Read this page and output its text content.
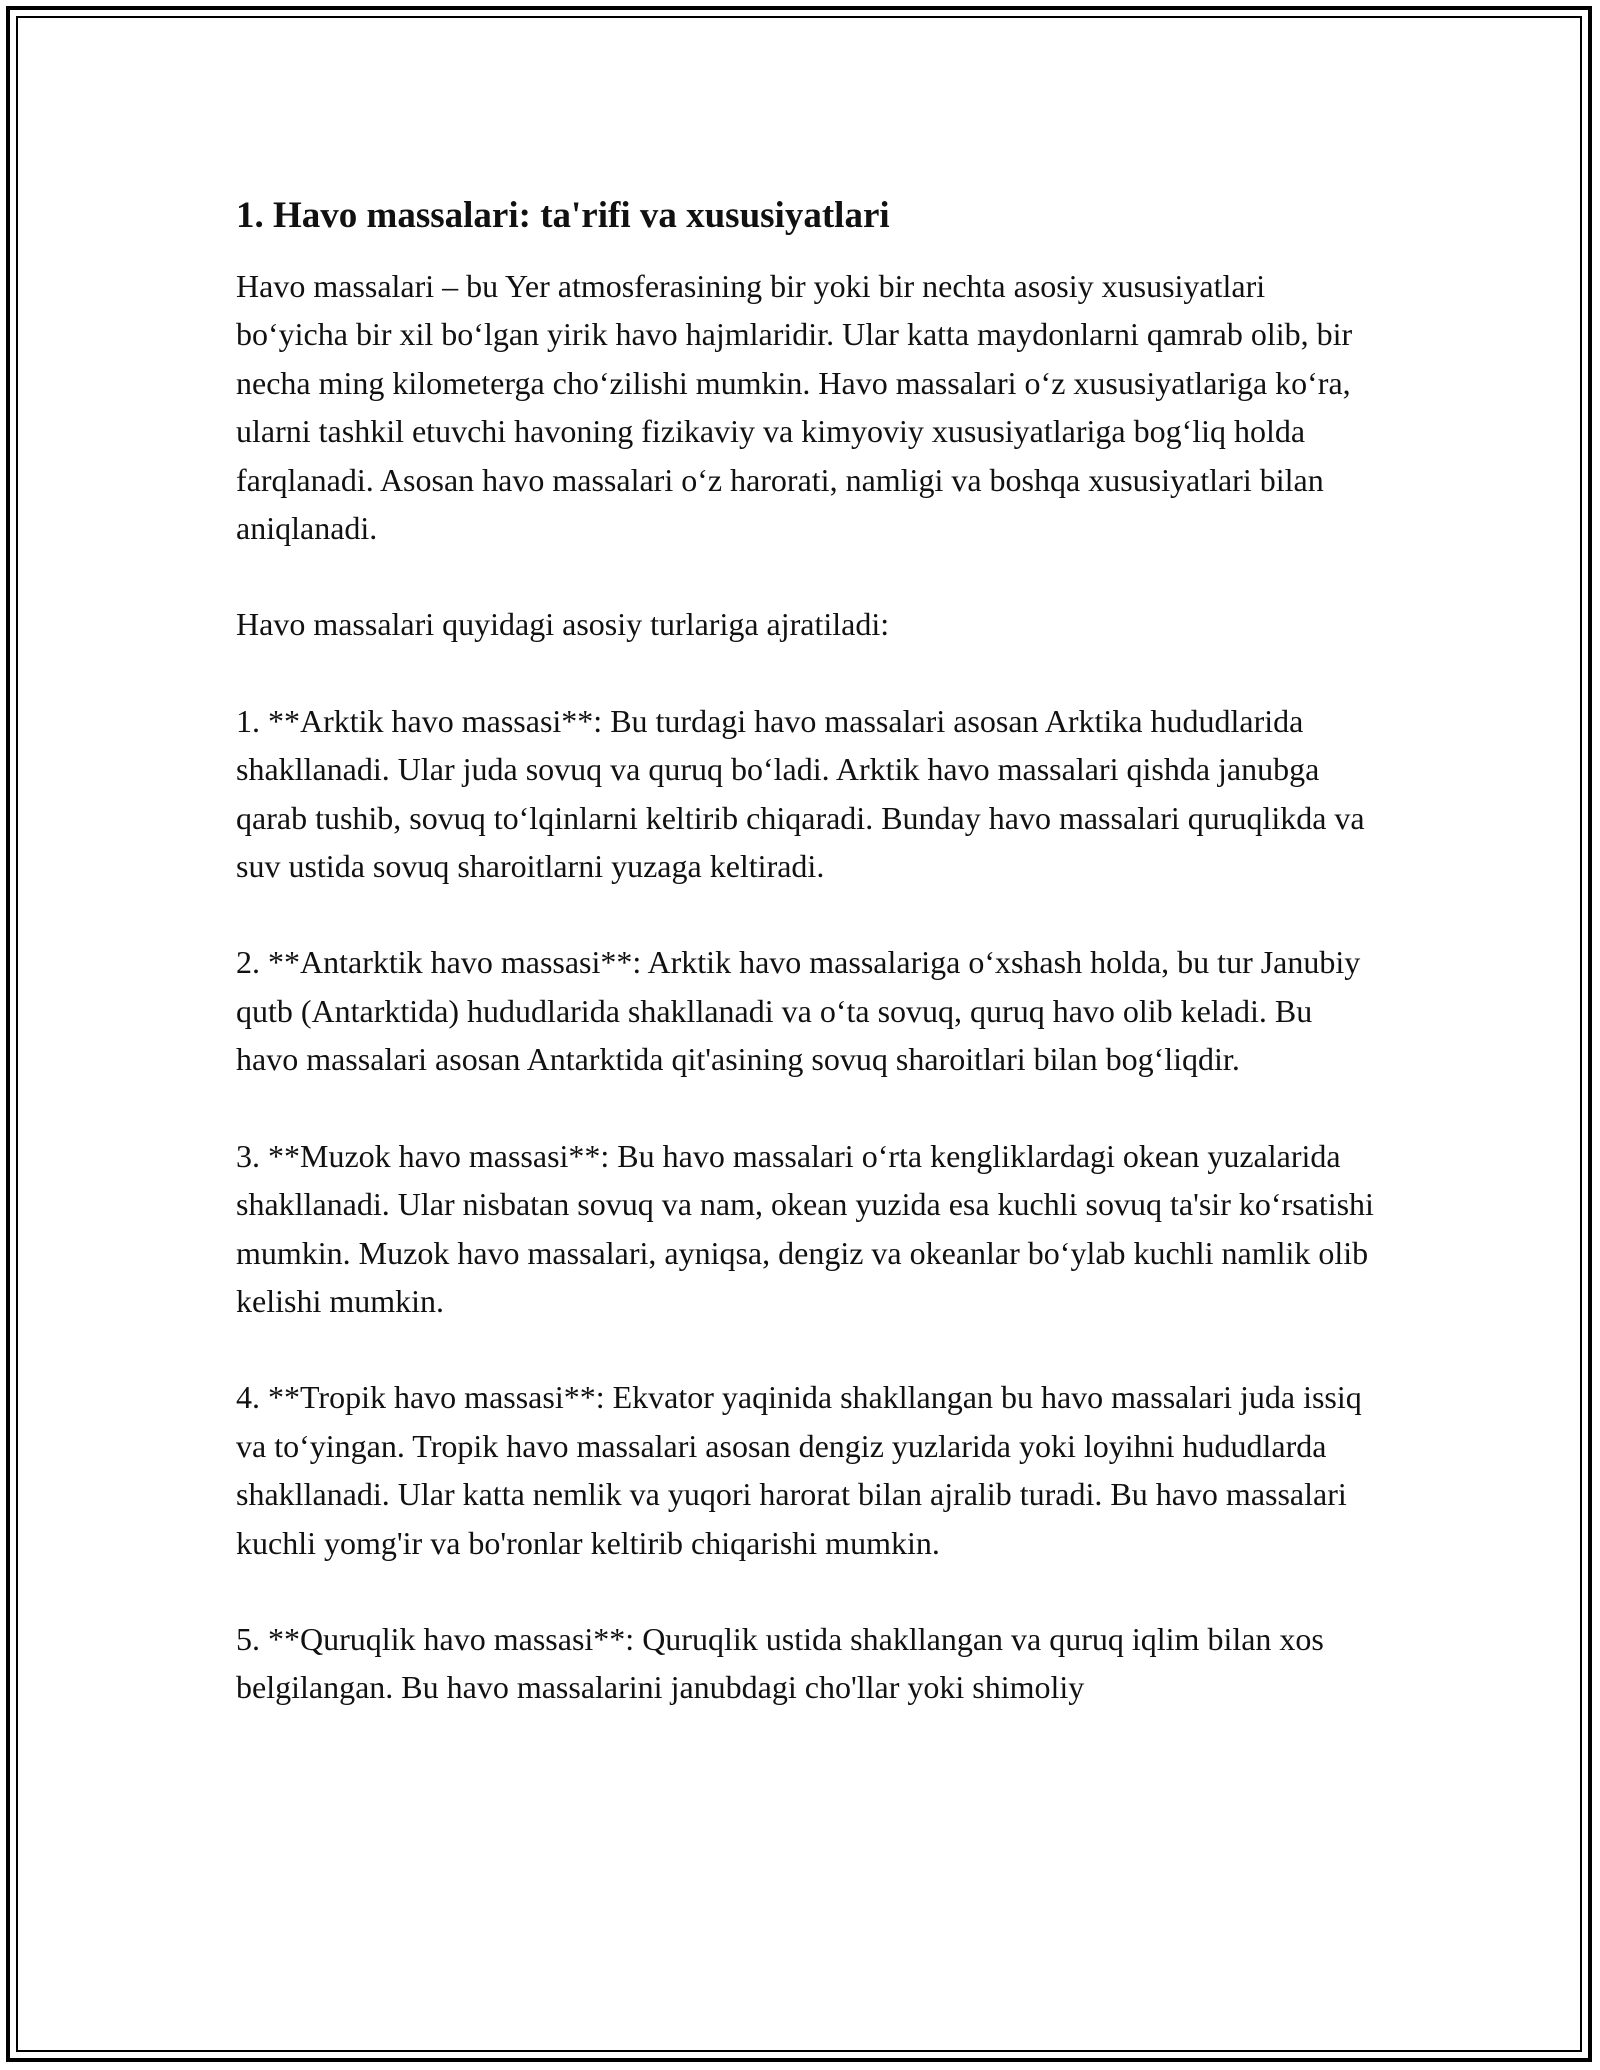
1. Havo massalari: ta'rifi va xususiyatlari

Havo massalari – bu Yer atmosferasining bir yoki bir nechta asosiy xususiyatlari bo‘yicha bir xil bo‘lgan yirik havo hajmlaridir. Ular katta maydonlarni qamrab olib, bir necha ming kilometerga cho‘zilishi mumkin. Havo massalari o‘z xususiyatlariga ko‘ra, ularni tashkil etuvchi havoning fizikaviy va kimyoviy xususiyatlariga bog‘liq holda farqlanadi. Asosan havo massalari o‘z harorati, namligi va boshqa xususiyatlari bilan aniqlanadi.

Havo massalari quyidagi asosiy turlariga ajratiladi:

1. **Arktik havo massasi**: Bu turdagi havo massalari asosan Arktika hududlarida shakllanadi. Ular juda sovuq va quruq bo‘ladi. Arktik havo massalari qishda janubga qarab tushib, sovuq to‘lqinlarni keltirib chiqaradi. Bunday havo massalari quruqlikda va suv ustida sovuq sharoitlarni yuzaga keltiradi.

2. **Antarktik havo massasi**: Arktik havo massalariga o‘xshash holda, bu tur Janubiy qutb (Antarktida) hududlarida shakllanadi va o‘ta sovuq, quruq havo olib keladi. Bu havo massalari asosan Antarktida qit'asining sovuq sharoitlari bilan bog‘liqdir.

3. **Muzok havo massasi**: Bu havo massalari o‘rta kengliklardagi okean yuzalarida shakllanadi. Ular nisbatan sovuq va nam, okean yuzida esa kuchli sovuq ta'sir ko‘rsatishi mumkin. Muzok havo massalari, ayniqsa, dengiz va okeanlar bo‘ylab kuchli namlik olib kelishi mumkin.

4. **Tropik havo massasi**: Ekvator yaqinida shakllangan bu havo massalari juda issiq va to‘yingan. Tropik havo massalari asosan dengiz yuzlarida yoki loyihni hududlarda shakllanadi. Ular katta nemlik va yuqori harorat bilan ajralib turadi. Bu havo massalari kuchli yomg'ir va bo'ronlar keltirib chiqarishi mumkin.

5. **Quruqlik havo massasi**: Quruqlik ustida shakllangan va quruq iqlim bilan xos belgilangan. Bu havo massalarini janubdagi cho'llar yoki shimoliy
